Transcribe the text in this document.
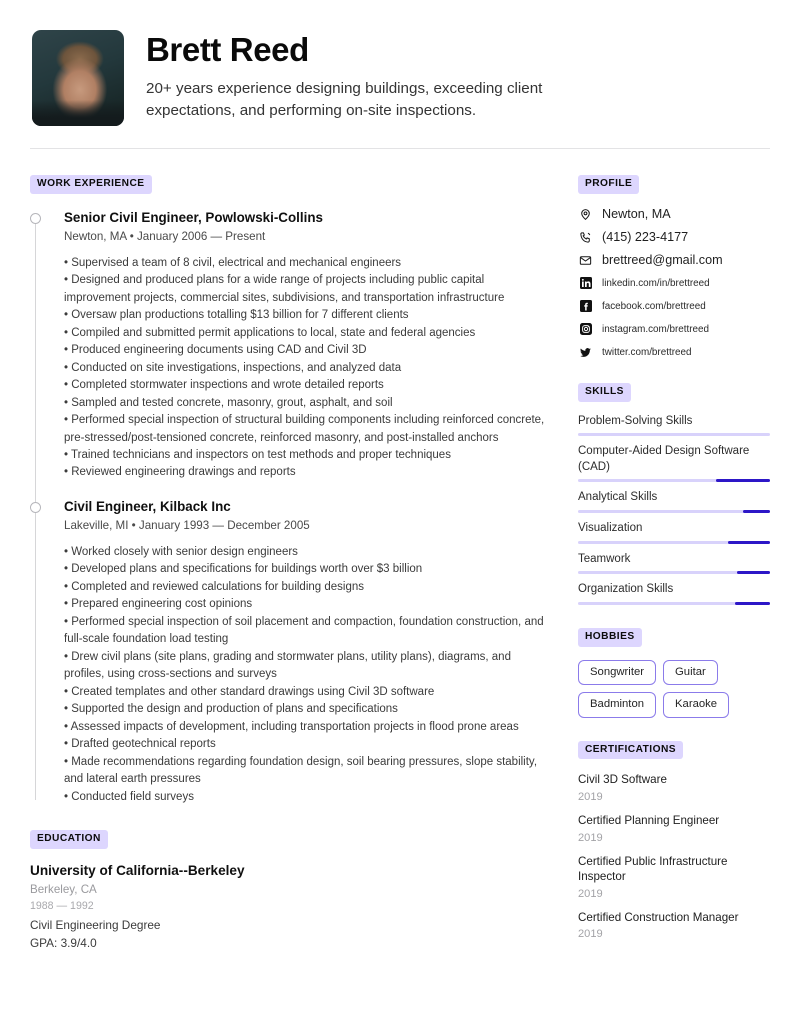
Brett Reed
20+ years experience designing buildings, exceeding client expectations, and performing on-site inspections.
WORK EXPERIENCE
Senior Civil Engineer, Powlowski-Collins
Newton, MA • January 2006 — Present
• Supervised a team of 8 civil, electrical and mechanical engineers
• Designed and produced plans for a wide range of projects including public capital improvement projects, commercial sites, subdivisions, and transportation infrastructure
• Oversaw plan productions totalling $13 billion for 7 different clients
• Compiled and submitted permit applications to local, state and federal agencies
• Produced engineering documents using CAD and Civil 3D
• Conducted on site investigations, inspections, and analyzed data
• Completed stormwater inspections and wrote detailed reports
• Sampled and tested concrete, masonry, grout, asphalt, and soil
• Performed special inspection of structural building components including reinforced concrete, pre-stressed/post-tensioned concrete, reinforced masonry, and post-installed anchors
• Trained technicians and inspectors on test methods and proper techniques
• Reviewed engineering drawings and reports
Civil Engineer, Kilback Inc
Lakeville, MI • January 1993 — December 2005
• Worked closely with senior design engineers
• Developed plans and specifications for buildings worth over $3 billion
• Completed and reviewed calculations for building designs
• Prepared engineering cost opinions
• Performed special inspection of soil placement and compaction, foundation construction, and full-scale foundation load testing
• Drew civil plans (site plans, grading and stormwater plans, utility plans), diagrams, and profiles, using cross-sections and surveys
• Created templates and other standard drawings using Civil 3D software
• Supported the design and production of plans and specifications
• Assessed impacts of development, including transportation projects in flood prone areas
• Drafted geotechnical reports
• Made recommendations regarding foundation design, soil bearing pressures, slope stability, and lateral earth pressures
• Conducted field surveys
EDUCATION
University of California--Berkeley
Berkeley, CA
1988 — 1992
Civil Engineering Degree
GPA: 3.9/4.0
PROFILE
Newton, MA
(415) 223-4177
brettreed@gmail.com
linkedin.com/in/brettreed
facebook.com/brettreed
instagram.com/brettreed
twitter.com/brettreed
SKILLS
Problem-Solving Skills
Computer-Aided Design Software (CAD)
Analytical Skills
Visualization
Teamwork
Organization Skills
HOBBIES
Songwriter	Guitar
Badminton	Karaoke
CERTIFICATIONS
Civil 3D Software
2019
Certified Planning Engineer
2019
Certified Public Infrastructure Inspector
2019
Certified Construction Manager
2019
